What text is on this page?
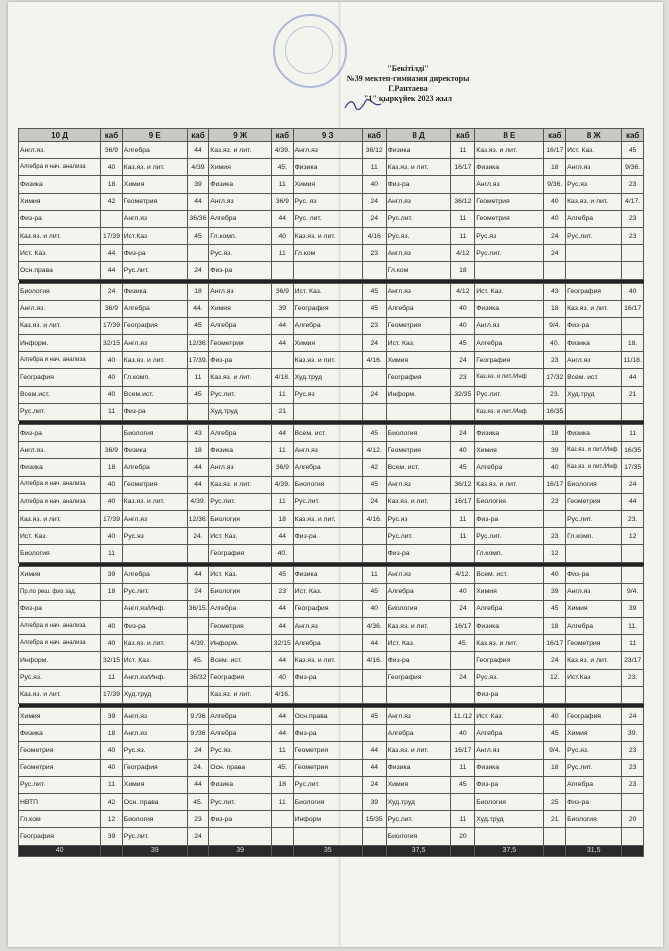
"Бекітілді"
№39 мектеп-гимназия директоры
Г.Рантаева
"1" қыркүйек 2023 жыл
10 Д	каб	9 Е	каб	9 Ж	каб	9 З	каб	8 Д	каб	8 Е	каб	8 Ж	каб
Англ.яз.	36/9	Алгебра	44	Каз.яз. и лит.	4/39.	Англ.яз	36/12	Физика	11	Каз.яз. и лит.	16/17	Ист. Каз.	45
Алгебра и нач. анализа	40	Каз.яз. и лит.	4/39	Химия	45.	Физика	11	Каз.яз. и лит.	16/17	Физика	18	Англ.яз	9/36.
Физика	18	Химия	39	Физика	11	Химия	40	Физ-ра		Англ.яз	9/36.	Рус.яз	23
Химия	42	Геометрия	44	Англ.яз	36/9	Рус. яз	24	Англ.яз	36/12	Геометрия	40	Каз.яз. и лит.	4/17.
Физ-ра		Англ.яз	36/36	Алгебра	44	Рус. лит.	24	Рус.лит.	11	Геометрия	40	Алгебра	23
Каз.яз. и лит.	17/39	Ист.Каз	45	Гл.комп.	40	Каз.яз. и лит.	4/16	Рус.яз.	11	Рус.яз	24	Рус.лит.	23
Ист. Каз.	44	Физ-ра		Рус.яз.	11	Гл.ком	23	Англ.яз	4/12	Рус.лит.	24		
Осн.права	44	Рус.лит.	24	Физ-ра				Гл.ком	18				

Биология	24	Физика	18	Англ.яз	36/9	Ист. Каз.	45	Англ.яз	4/12	Ист. Каз.	43	География	40
Англ.яз.	36/9	Алгебра	44.	Химия	39	География	45	Алгебра	40	Физика	18	Каз.яз. и лит.	16/17
Каз.яз. и лит.	17/39	География	45	Алгебра	44	Алгебра	23	Геометрия	40	Англ.яз	9/4.	Физ-ра	
Информ.	32/15	Англ.яз	12/36.	Геометрия	44	Химия	24	Ист. Каз.	45	Алгебра	40.	Физика	18.
Алгебра и нач. анализа	40	Каз.яз. и лит.	17/39.	Физ-ра		Каз.яз. и лит.	4/16.	Химия	24	География	23	Англ.яз	11/18.
География	40	Гл.комп.	11	Каз.яз. и лит.	4/18.	Худ.труд		География	23	Каз.яз. и лит./Инф	17/32	Всем. ист.	44
Всем.ист.	40	Всем.ист.	45	Рус.лит.	11	Рус.яз	24	Информ.	32/35	Рус.лит.	23.	Худ.труд	21
Рус.лит.	11	Физ-ра		Худ.труд	21					Каз.яз. и лит./Инф	16/35		

Физ-ра		Биология	43	Алгебра	44	Всем. ист.	45	Биология	24	Физика	18	Физика	11
Англ.яз.	36/9	Физика	18	Физика	11	Англ.яз	4/12.	Геометрия	40	Химия	39	Каз.яз. и лит./Инф	16/35
Физика	18	Алгебра	44	Англ.яз	36/9	Алгебра	42	Всем. ист.	45	Алгебра	40	Каз.яз. и лит./Инф	17/35
Алгебра и нач. анализа	40	Геометрия	44	Каз.яз. и лит.	4/39.	Биология	45	Англ.яз	36/12	Каз.яз. и лит.	16/17	Биология	24
Алгебра и нач. анализа	40	Каз.яз. и лит.	4/39.	Рус.лит.	11	Рус.лит.	24	Каз.яз. и лит.	16/17	Биология	23	Геометрия	44
Каз.яз. и лит.	17/39	Англ.яз	12/36.	Биология	18	Каз.яз. и лит.	4/16.	Рус.яз	11	Физ-ра		Рус.лит.	23.
Ист. Каз.	40	Рус.яз	24.	Ист. Каз.	44	Физ-ра		Рус.лит.	11	Рус.лит.	23	Гл.комп.	12
Биология	11			География	40.			Физ-ра		Гл.комп.	12		

Химия	39	Алгебра	44	Ист. Каз.	45	Физика	11	Англ.яз	4/12.	Всем. ист.	40	Физ-ра	
Пр.по реш. физ зад.	18	Рус.лит.	24	Биология	23	Ист. Каз.	45	Алгебра	40	Химия	39	Англ.яз	9/4.
Физ-ра		Англ.яз/Инф.	36/15.	Алгебра	44	География	40	Биология	24	Алгебра	45	Химия	39
Алгебра и нач. анализа	40	Физ-ра		Геометрия	44	Англ.яз	4/36.	Каз.яз. и лит.	16/17	Физика	18	Алгебра	11.
Алгебра и нач. анализа	40	Каз.яз. и лит.	4/39.	Информ.	32/15	Алгебра	44	Ист. Каз.	45.	Каз.яз. и лит.	16/17	Геометрия	11
Информ.	32/15	Ист. Каз.	45.	Всем. ист.	44	Каз.яз. и лит.	4/16.	Физ-ра		География	24	Каз.яз. и лит.	23/17
Рус.яз.	11	Англ.яз/Инф.	36/32	География	40	Физ-ра		География	24	Рус.яз.	12.	Ист.Каз	23.
Каз.яз. и лит.	17/39	Худ.труд		Каз.яз. и лит.	4/16.					Физ-ра			

Химия	39	Англ.яз	9./36	Алгебра	44	Осн.права	45	Англ.яз	11./12	Ист. Каз.	40	География	24
Физика	18	Англ.яз	9./36	Алгебра	44	Физ-ра		Алгебра	40	Алгебра	45	Химия	39.
Геометрия	40	Рус.яз.	24	Рус.яз.	11	Геометрия	44	Каз.яз. и лит.	16/17	Англ.яз	9/4.	Рус.яз.	23
Геометрия	40	География	24.	Осн. права	45.	Геометрия	44	Физика	11	Физика	18	Рус.лит.	23
Рус.лит.	11	Химия	44	Физика	18	Рус.лит.	24	Химия	45	Физ-ра		Алгебра	23
НВТП	42	Осн. права	45.	Рус.лит.	11	Биология	39	Худ.труд		Биология	25	Физ-ра	
Гл.ком	12	Биология	23	Физ-ра		Информ	15/35	Рус.лит.	11	Худ.труд	21	Биология	20
География	39	Рус.лит.	24					Биология	20				
40		39		39		35		37,5		37,5		31,5	
